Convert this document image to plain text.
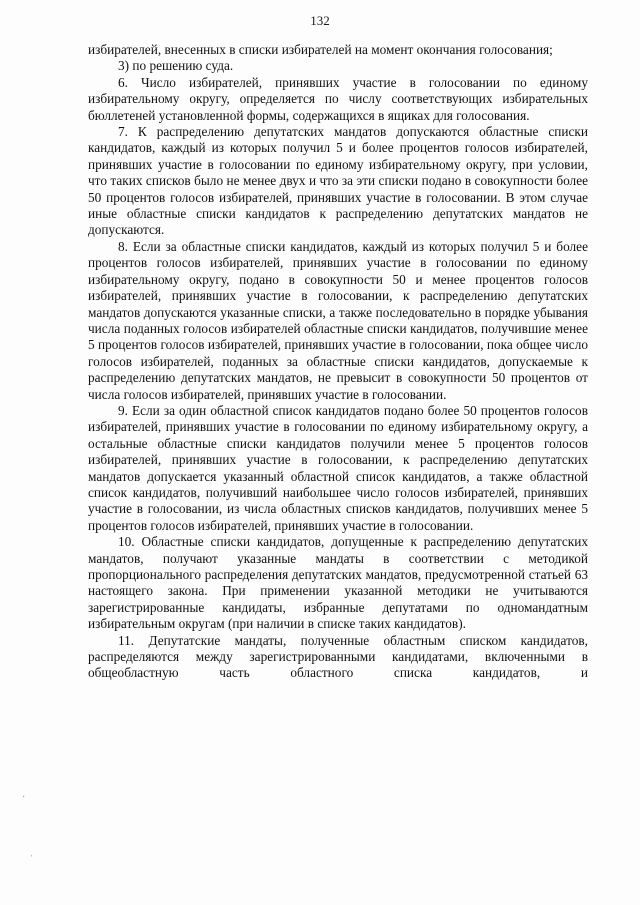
132

избирателей, внесенных в списки избирателей на момент окончания голосования;

3) по решению суда.

6. Число избирателей, принявших участие в голосовании по единому избирательному округу, определяется по числу соответствующих избирательных бюллетеней установленной формы, содержащихся в ящиках для голосования.

7. К распределению депутатских мандатов допускаются областные списки кандидатов, каждый из которых получил 5 и более процентов голосов избирателей, принявших участие в голосовании по единому избирательному округу, при условии, что таких списков было не менее двух и что за эти списки подано в совокупности более 50 процентов голосов избирателей, принявших участие в голосовании. В этом случае иные областные списки кандидатов к распределению депутатских мандатов не допускаются.

8. Если за областные списки кандидатов, каждый из которых получил 5 и более процентов голосов избирателей, принявших участие в голосовании по единому избирательному округу, подано в совокупности 50 и менее процентов голосов избирателей, принявших участие в голосовании, к распределению депутатских мандатов допускаются указанные списки, а также последовательно в порядке убывания числа поданных голосов избирателей областные списки кандидатов, получившие менее 5 процентов голосов избирателей, принявших участие в голосовании, пока общее число голосов избирателей, поданных за областные списки кандидатов, допускаемые к распределению депутатских мандатов, не превысит в совокупности 50 процентов от числа голосов избирателей, принявших участие в голосовании.

9. Если за один областной список кандидатов подано более 50 процентов голосов избирателей, принявших участие в голосовании по единому избирательному округу, а остальные областные списки кандидатов получили менее 5 процентов голосов избирателей, принявших участие в голосовании, к распределению депутатских мандатов допускается указанный областной список кандидатов, а также областной список кандидатов, получивший наибольшее число голосов избирателей, принявших участие в голосовании, из числа областных списков кандидатов, получивших менее 5 процентов голосов избирателей, принявших участие в голосовании.

10. Областные списки кандидатов, допущенные к распределению депутатских мандатов, получают указанные мандаты в соответствии с методикой пропорционального распределения депутатских мандатов, предусмотренной статьей 63 настоящего закона. При применении указанной методики не учитываются зарегистрированные кандидаты, избранные депутатами по одномандатным избирательным округам (при наличии в списке таких кандидатов).

11. Депутатские мандаты, полученные областным списком кандидатов, распределяются между зарегистрированными кандидатами, включенными в общеобластную часть областного списка кандидатов, и

·
ˌ
